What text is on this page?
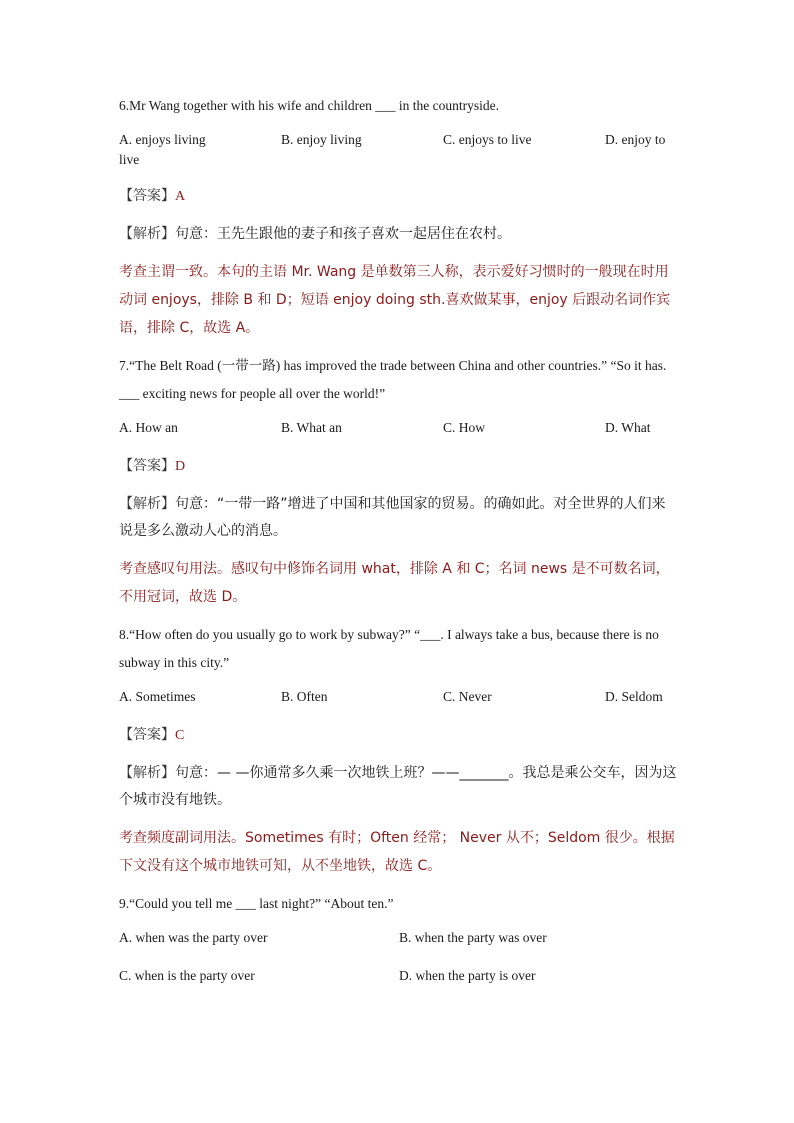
6.Mr Wang together with his wife and children ___ in the countryside.
A. enjoys living	B. enjoy living	C. enjoys to live	D. enjoy to
live
【答案】A
【解析】句意：王先生跟他的妻子和孩子喜欢一起居住在农村。
考查主谓一致。本句的主语 Mr. Wang 是单数第三人称，表示爱好习惯时的一般现在时用动词 enjoys，排除 B 和 D；短语 enjoy doing sth.喜欢做某事，enjoy 后跟动名词作宾语，排除 C，故选 A。
7.“The Belt Road (一带一路) has improved the trade between China and other countries.” “So it has. ___ exciting news for people all over the world!”
A. How an	B. What an	C. How	D. What
【答案】D
【解析】句意：“一带一路”增进了中国和其他国家的贸易。的确如此。对全世界的人们来说是多么激动人心的消息。
考查感叹句用法。感叹句中修饰名词用 what，排除 A 和 C；名词 news 是不可数名词，不用冠词，故选 D。
8.“How often do you usually go to work by subway?” “___. I always take a bus, because there is no subway in this city.”
A. Sometimes	B. Often	C. Never	D. Seldom
【答案】C
【解析】句意：— —你通常多久乘一次地铁上班？——_______。我总是乘公交车，因为这个城市没有地铁。
考查频度副词用法。Sometimes 有时；Often 经常； Never 从不；Seldom 很少。根据下文没有这个城市地铁可知，从不坐地铁，故选 C。
9.“Could you tell me ___ last night?” “About ten.”
A. when was the party over	B. when the party was over
C. when is the party over	D. when the party is over
